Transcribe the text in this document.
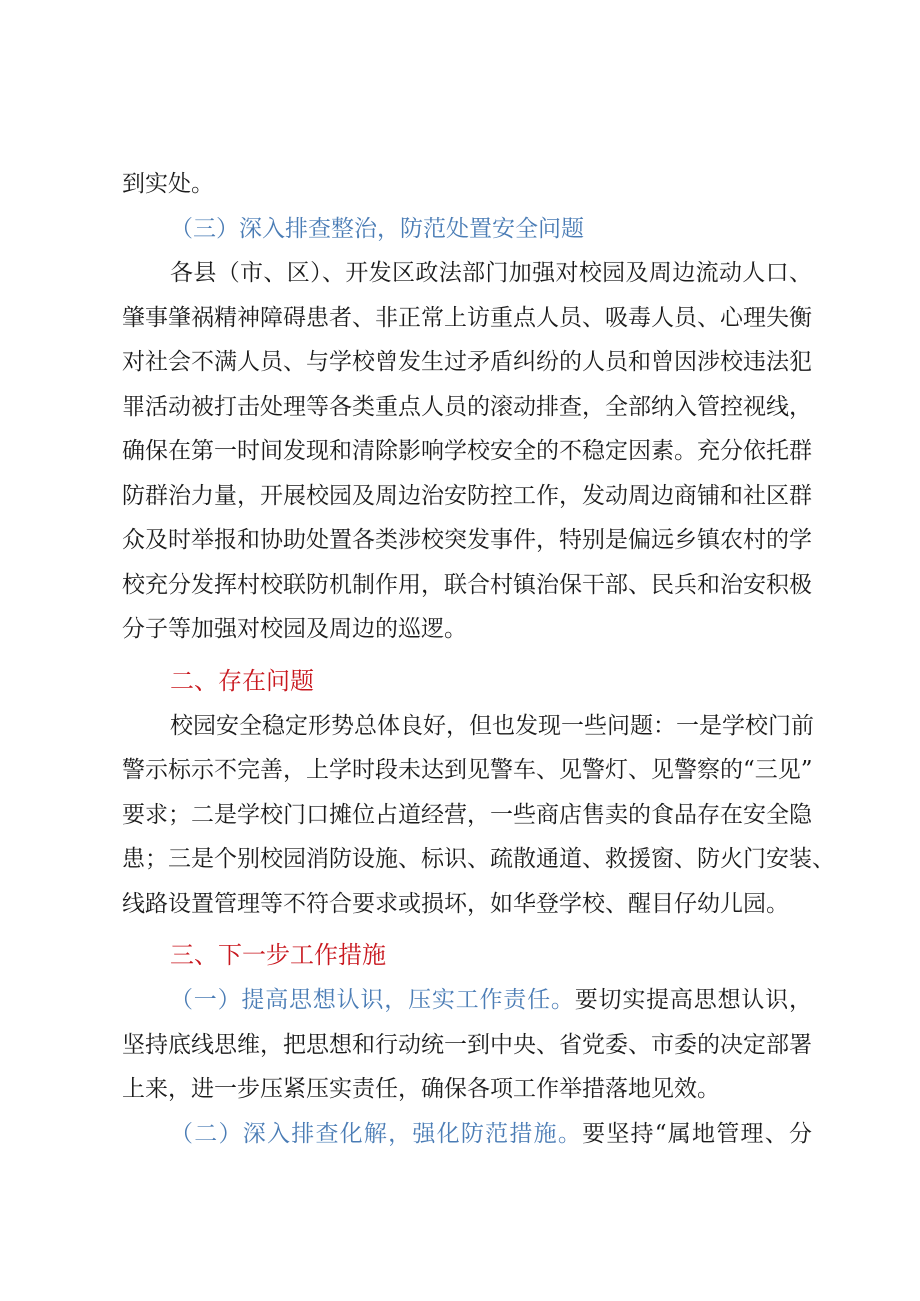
到实处。
（三）深入排查整治，防范处置安全问题
各县（市、区）、开发区政法部门加强对校园及周边流动人口、
肇事肇祸精神障碍患者、非正常上访重点人员、吸毒人员、心理失衡
对社会不满人员、与学校曾发生过矛盾纠纷的人员和曾因涉校违法犯
罪活动被打击处理等各类重点人员的滚动排查，全部纳入管控视线，
确保在第一时间发现和清除影响学校安全的不稳定因素。充分依托群
防群治力量，开展校园及周边治安防控工作，发动周边商铺和社区群
众及时举报和协助处置各类涉校突发事件，特别是偏远乡镇农村的学
校充分发挥村校联防机制作用，联合村镇治保干部、民兵和治安积极
分子等加强对校园及周边的巡逻。
二、存在问题
校园安全稳定形势总体良好，但也发现一些问题：一是学校门前
警示标示不完善，上学时段未达到见警车、见警灯、见警察的“三见”
要求；二是学校门口摊位占道经营，一些商店售卖的食品存在安全隐
患；三是个别校园消防设施、标识、疏散通道、救援窗、防火门安装、
线路设置管理等不符合要求或损坏，如华登学校、醒目仔幼儿园。
三、下一步工作措施
（一）提高思想认识，压实工作责任。要切实提高思想认识，
坚持底线思维，把思想和行动统一到中央、省党委、市委的决定部署
上来，进一步压紧压实责任，确保各项工作举措落地见效。
（二）深入排查化解，强化防范措施。要坚持“属地管理、分
